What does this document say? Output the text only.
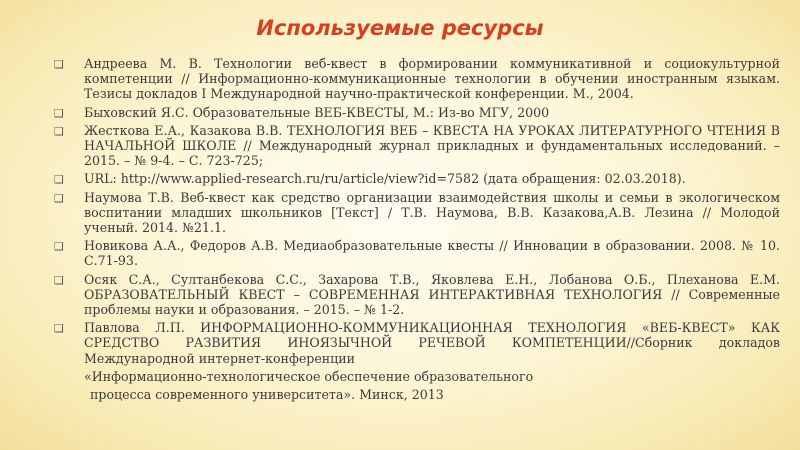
Используемые ресурсы
❑ Андреева М. В. Технологии веб-квест в формировании коммуникативной и социокультурной компетенции // Информационно-коммуникационные технологии в обучении иностранным языкам. Тезисы докладов I Международной научно-практической конференции. М., 2004.
❑ Быховский Я.С. Образовательные ВЕБ-КВЕСТЫ, М.: Из-во МГУ, 2000
❑ Жесткова Е.А., Казакова В.В. ТЕХНОЛОГИЯ ВЕБ – КВЕСТА НА УРОКАХ ЛИТЕРАТУРНОГО ЧТЕНИЯ В НАЧАЛЬНОЙ ШКОЛЕ // Международный журнал прикладных и фундаментальных исследований. – 2015. – № 9-4. – С. 723-725;
❑ URL: http://www.applied-research.ru/ru/article/view?id=7582 (дата обращения: 02.03.2018).
❑ Наумова Т.В. Веб-квест как средство организации взаимодействия школы и семьи в экологическом воспитании младших школьников [Текст] / Т.В. Наумова, В.В. Казакова,А.В. Лезина // Молодой ученый. 2014. №21.1.
❑ Новикова А.А., Федоров А.В. Медиаобразовательные квесты // Инновации в образовании. 2008. № 10. С.71-93.
❑ Осяк С.А., Султанбекова С.С., Захарова Т.В., Яковлева Е.Н., Лобанова О.Б., Плеханова Е.М. ОБРАЗОВАТЕЛЬНЫЙ КВЕСТ – СОВРЕМЕННАЯ ИНТЕРАКТИВНАЯ ТЕХНОЛОГИЯ // Современные проблемы науки и образования. – 2015. – № 1-2.
❑ Павлова Л.П. ИНФОРМАЦИОННО-КОММУНИКАЦИОННАЯ ТЕХНОЛОГИЯ «ВЕБ-КВЕСТ» КАК СРЕДСТВО РАЗВИТИЯ ИНОЯЗЫЧНОЙ РЕЧЕВОЙ КОМПЕТЕНЦИИ//Сборник докладов Международной интернет-конференции
«Информационно-технологическое обеспечение образовательного
процесса современного университета». Минск, 2013
